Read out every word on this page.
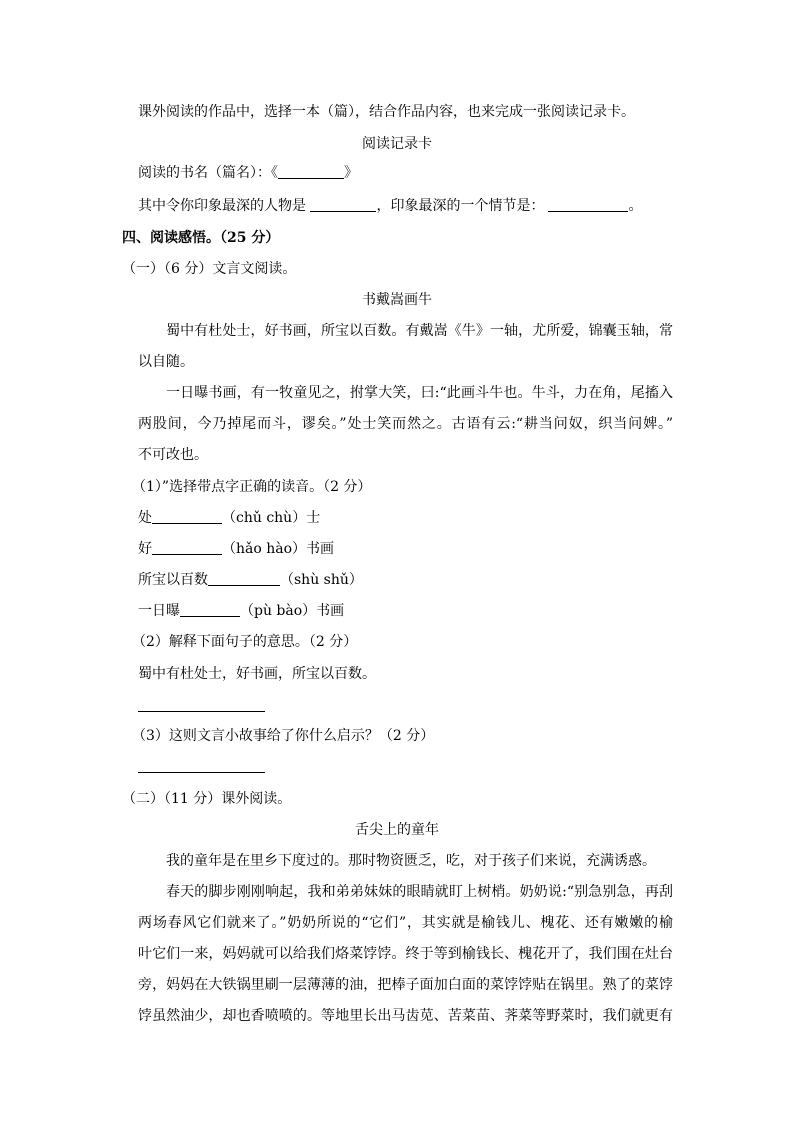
课外阅读的作品中，选择一本（篇），结合作品内容，也来完成一张阅读记录卡。
阅读记录卡
阅读的书名（篇名）：《	》
其中令你印象最深的人物是	，印象最深的一个情节是：	。
四、阅读感悟。（25 分）
（一）（6 分）文言文阅读。
书戴嵩画牛
蜀中有杜处士，好书画，所宝以百数。有戴嵩《牛》一轴，尤所爱，锦囊玉轴，常
以自随。
一日曝书画，有一牧童见之，拊掌大笑，曰:“此画斗牛也。牛斗，力在角，尾搐入
两股间，今乃掉尾而斗，谬矣。”处士笑而然之。古语有云:“耕当问奴，织当问婢。”
不可改也。
（1）”选择带点字正确的读音。（2 分）
处	（chǔ chù）士
好	（hǎo hào）书画
所宝以百数	（shù shǔ）
一日曝	（pù bào）书画
（2）解释下面句子的意思。（2 分）
蜀中有杜处士，好书画，所宝以百数。
（3）这则文言小故事给了你什么启示？（2 分）
（二）（11 分）课外阅读。
舌尖上的童年
我的童年是在里乡下度过的。那时物资匮乏，吃，对于孩子们来说，充满诱惑。
春天的脚步刚刚响起，我和弟弟妹妹的眼睛就盯上树梢。奶奶说:“别急别急，再刮
两场春风它们就来了。”奶奶所说的“它们”，其实就是榆钱儿、槐花、还有嫩嫩的榆
叶它们一来，妈妈就可以给我们烙菜饽饽。终于等到榆钱长、槐花开了，我们围在灶台
旁，妈妈在大铁锅里刷一层薄薄的油，把棒子面加白面的菜饽饽贴在锅里。熟了的菜饽
饽虽然油少，却也香喷喷的。等地里长出马齿苋、苦菜苗、荠菜等野菜时，我们就更有
